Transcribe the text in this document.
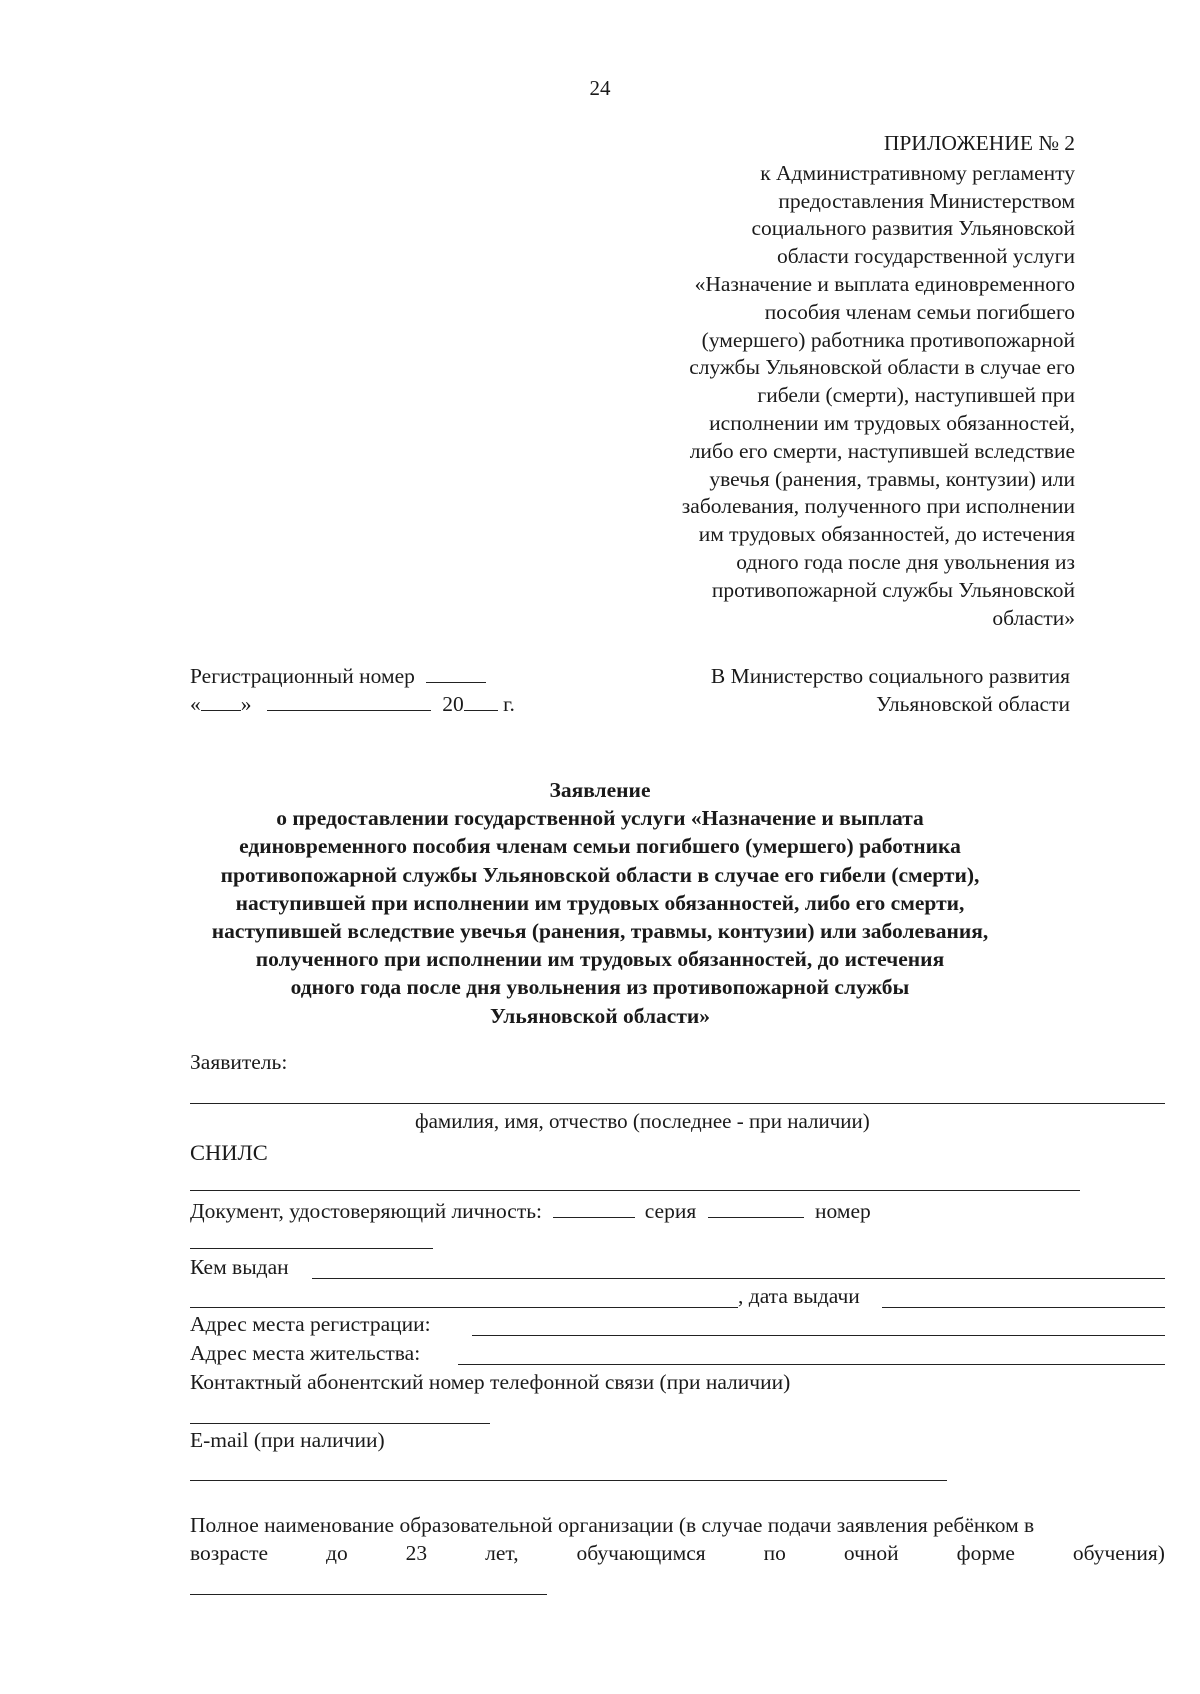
24
ПРИЛОЖЕНИЕ № 2
к Административному регламенту
предоставления Министерством
социального развития Ульяновской
области государственной услуги
«Назначение и выплата единовременного
пособия членам семьи погибшего
(умершего) работника противопожарной
службы Ульяновской области в случае его
гибели (смерти), наступившей при
исполнении им трудовых обязанностей,
либо его смерти, наступившей вследствие
увечья (ранения, травмы, контузии) или
заболевания, полученного при исполнении
им трудовых обязанностей, до истечения
одного года после дня увольнения из
противопожарной службы Ульяновской
области»
Регистрационный номер
« »	20 г.
В Министерство социального развития
Ульяновской области
Заявление
о предоставлении государственной услуги «Назначение и выплата
единовременного пособия членам семьи погибшего (умершего) работника
противопожарной службы Ульяновской области в случае его гибели (смерти),
наступившей при исполнении им трудовых обязанностей, либо его смерти,
наступившей вследствие увечья (ранения, травмы, контузии) или заболевания,
полученного при исполнении им трудовых обязанностей, до истечения
одного года после дня увольнения из противопожарной службы
Ульяновской области»
Заявитель:
фамилия, имя, отчество (последнее - при наличии)
СНИЛС
Документ, удостоверяющий личность:	серия	номер
Кем выдан
, дата выдачи
Адрес места регистрации:
Адрес места жительства:
Контактный абонентский номер телефонной связи (при наличии)
E-mail (при наличии)
Полное наименование образовательной организации (в случае подачи заявления ребёнком в
возрасте	до	23	лет,	обучающимся	по	очной	форме	обучения)
